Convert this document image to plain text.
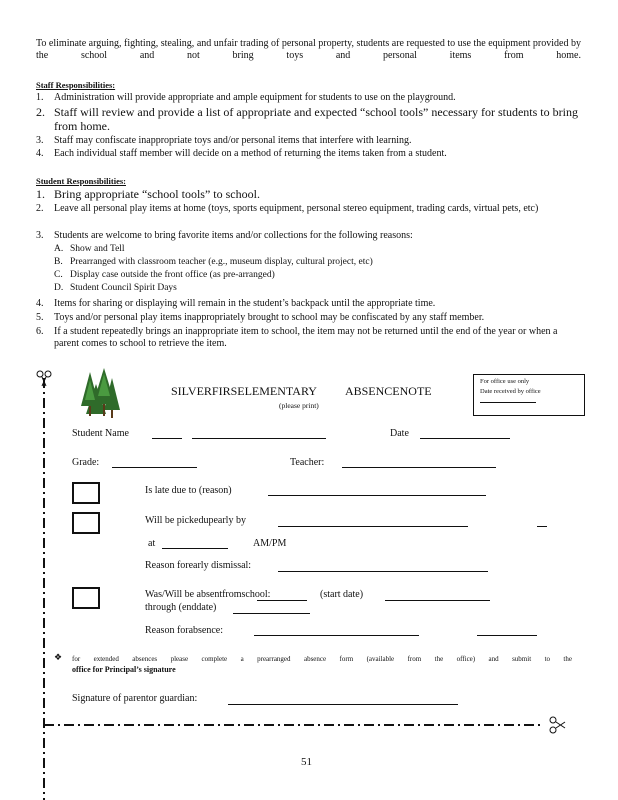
To eliminate arguing, fighting, stealing, and unfair trading of personal property, students are requested to use the equipment provided by the school and not bring toys and personal items from home.
Staff Responsibilities:
1. Administration will provide appropriate and ample equipment for students to use on the playground.
2. Staff will review and provide a list of appropriate and expected “school tools” necessary for students to bring from home.
3. Staff may confiscate inappropriate toys and/or personal items that interfere with learning.
4. Each individual staff member will decide on a method of returning the items taken from a student.
Student Responsibilities:
1. Bring appropriate “school tools” to school.
2. Leave all personal play items at home (toys, sports equipment, personal stereo equipment, trading cards, virtual pets, etc)
3. Students are welcome to bring favorite items and/or collections for the following reasons:
A. Show and Tell
B. Prearranged with classroom teacher (e.g., museum display, cultural project, etc)
C. Display case outside the front office (as pre-arranged)
D. Student Council Spirit Days
4. Items for sharing or displaying will remain in the student’s backpack until the appropriate time.
5. Toys and/or personal play items inappropriately brought to school may be confiscated by any staff member.
6. If a student repeatedly brings an inappropriate item to school, the item may not be returned until the end of the year or when a parent comes to school to retrieve the item.
SILVERFIRSELEMENTARY ABSENCENOTE
(please print)
For office use only
Date received by office
Student Name	Date
Grade:	Teacher:
Is late due to (reason)
Will be pickedupearly by
at	AM/PM
Reason forearly dismissal:
Was/Will be absentfromschool:	(start date)
through (enddate)
Reason forabsence:
❖ for extended absences please complete a prearranged absence form (available from the office) and submit to the
office for Principal’s signature
Signature of parentor guardian:
51
